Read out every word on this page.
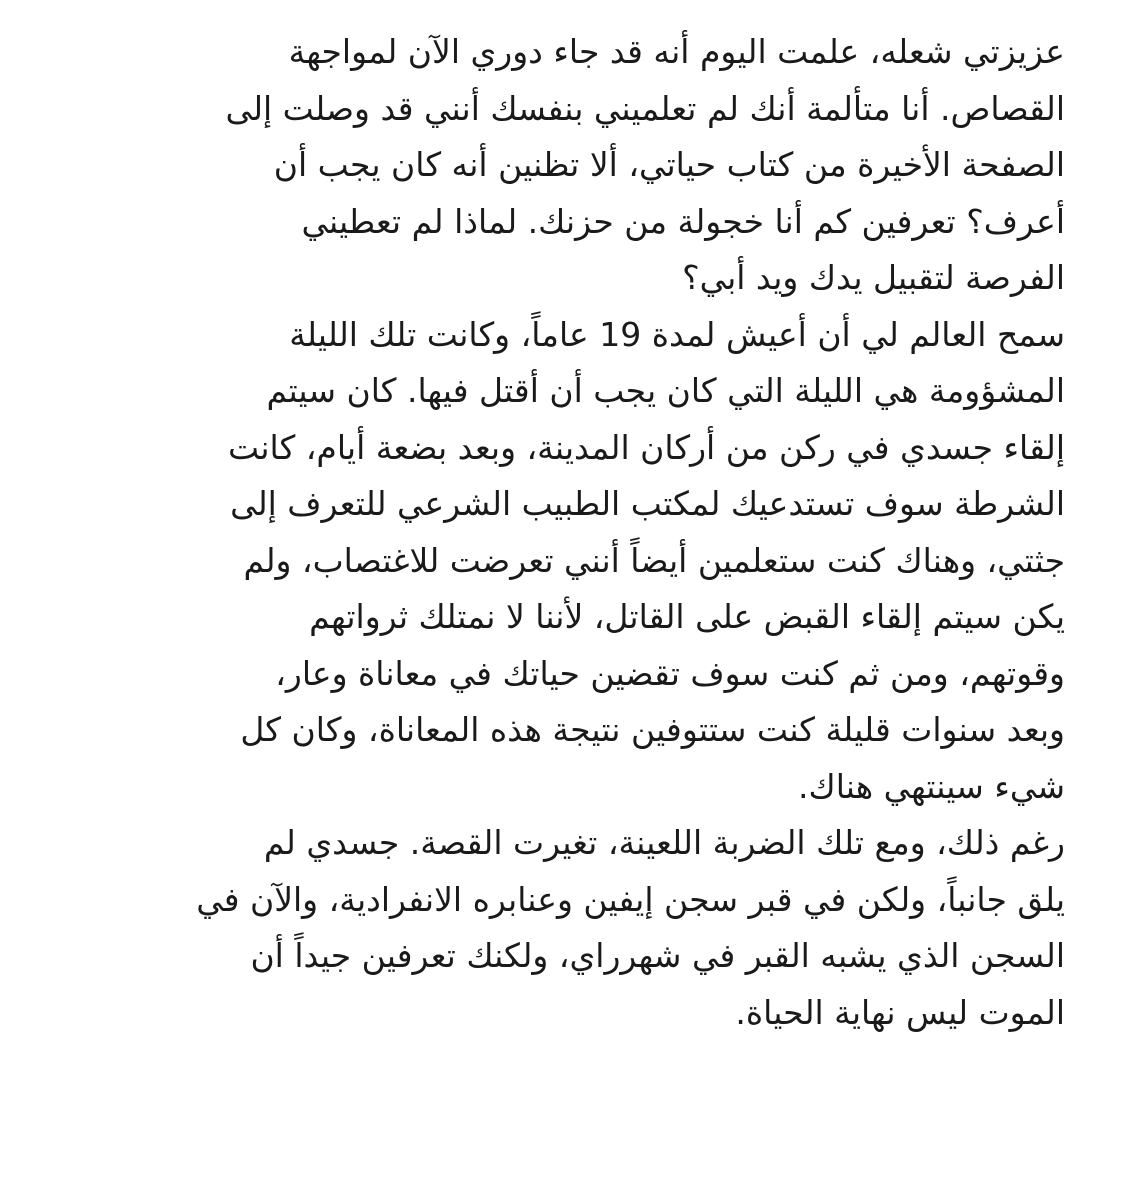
عزيزتي شعله، علمت اليوم أنه قد جاء دوري الآن لمواجهة
القصاص. أنا متألمة أنك لم تعلميني بنفسك أنني قد وصلت إلى
الصفحة الأخيرة من كتاب حياتي، ألا تظنين أنه كان يجب أن
أعرف؟ تعرفين كم أنا خجولة من حزنك. لماذا لم تعطيني
الفرصة لتقبيل يدك ويد أبي؟
سمح العالم لي أن أعيش لمدة 19 عاماً، وكانت تلك الليلة
المشؤومة هي الليلة التي كان يجب أن أقتل فيها. كان سيتم
إلقاء جسدي في ركن من أركان المدينة، وبعد بضعة أيام، كانت
الشرطة سوف تستدعيك لمكتب الطبيب الشرعي للتعرف إلى
جثتي، وهناك كنت ستعلمين أيضاً أنني تعرضت للاغتصاب، ولم
يكن سيتم إلقاء القبض على القاتل، لأننا لا نمتلك ثرواتهم
وقوتهم، ومن ثم كنت سوف تقضين حياتك في معاناة وعار،
وبعد سنوات قليلة كنت ستتوفين نتيجة هذه المعاناة، وكان كل
شيء سينتهي هناك.
رغم ذلك، ومع تلك الضربة اللعينة، تغيرت القصة. جسدي لم
يلق جانباً، ولكن في قبر سجن إيفين وعنابره الانفرادية، والآن في
السجن الذي يشبه القبر في شهرراي، ولكنك تعرفين جيداً أن
الموت ليس نهاية الحياة.
